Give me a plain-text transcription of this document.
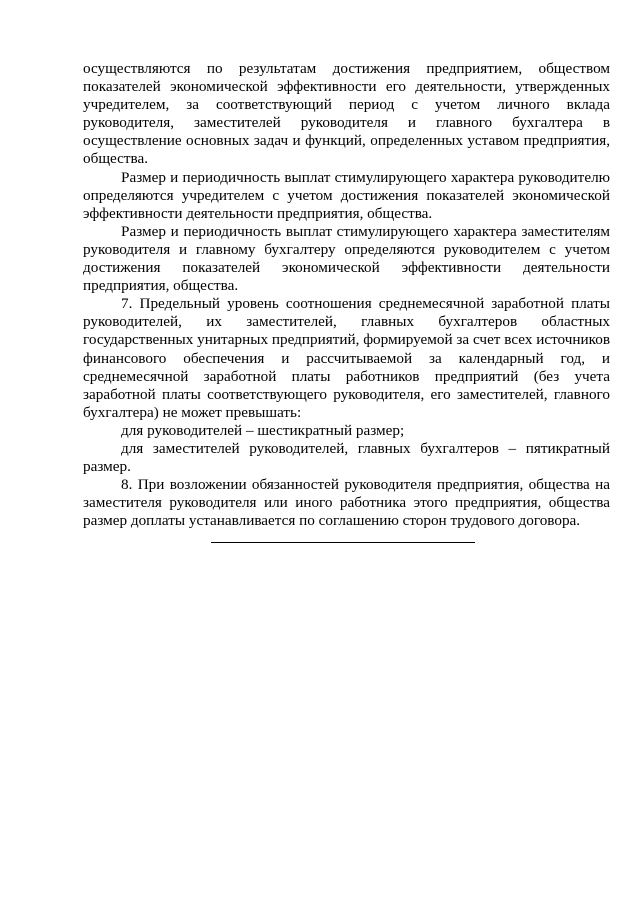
осуществляются по результатам достижения предприятием, обществом показателей экономической эффективности его деятельности, утвержденных учредителем, за соответствующий период с учетом личного вклада руководителя, заместителей руководителя и главного бухгалтера в осуществление основных задач и функций, определенных уставом предприятия, общества.

Размер и периодичность выплат стимулирующего характера руководителю определяются учредителем с учетом достижения показателей экономической эффективности деятельности предприятия, общества.

Размер и периодичность выплат стимулирующего характера заместителям руководителя и главному бухгалтеру определяются руководителем с учетом достижения показателей экономической эффективности деятельности предприятия, общества.

7. Предельный уровень соотношения среднемесячной заработной платы руководителей, их заместителей, главных бухгалтеров областных государственных унитарных предприятий, формируемой за счет всех источников финансового обеспечения и рассчитываемой за календарный год, и среднемесячной заработной платы работников предприятий (без учета заработной платы соответствующего руководителя, его заместителей, главного бухгалтера) не может превышать:

для руководителей – шестикратный размер;

для заместителей руководителей, главных бухгалтеров – пятикратный размер.

8. При возложении обязанностей руководителя предприятия, общества на заместителя руководителя или иного работника этого предприятия, общества размер доплаты устанавливается по соглашению сторон трудового договора.
